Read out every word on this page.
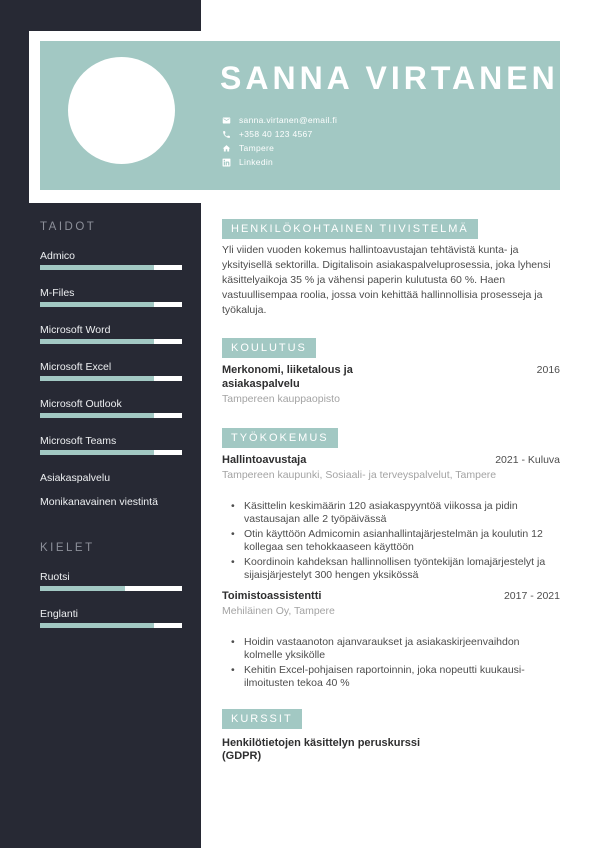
SANNA VIRTANEN
sanna.virtanen@email.fi
+358 40 123 4567
Tampere
Linkedin
TAIDOT
Admico
M-Files
Microsoft Word
Microsoft Excel
Microsoft Outlook
Microsoft Teams
Asiakaspalvelu
Monikanavainen viestintä
KIELET
Ruotsi
Englanti
HENKILÖKOHTAINEN TIIVISTELMÄ
Yli viiden vuoden kokemus hallintoavustajan tehtävistä kunta- ja yksityisellä sektorilla. Digitalisoin asiakaspalveluprosessia, joka lyhensi käsittelyaikoja 35 % ja vähensi paperin kulutusta 60 %. Haen vastuullisempaa roolia, jossa voin kehittää hallinnollisia prosesseja ja työkaluja.
KOULUTUS
Merkonomi, liiketalous ja asiakaspalvelu
2016
Tampereen kauppaopisto
TYÖKOKEMUS
Hallintoavustaja	2021 - Kuluva
Tampereen kaupunki, Sosiaali- ja terveyspalvelut, Tampere
• Käsittelin keskimäärin 120 asiakaspyyntöä viikossa ja pidin vastausajan alle 2 työpäivässä
• Otin käyttöön Admicomin asianhallintajärjestelmän ja koulutin 12 kollegaa sen tehokkaaseen käyttöön
• Koordinoin kahdeksan hallinnollisen työntekijän lomajärjestelyt ja sijaisjärjestelyt 300 hengen yksikössä
Toimistoassistentti	2017 - 2021
Mehiläinen Oy, Tampere
• Hoidin vastaanoton ajanvaraukset ja asiakaskirjeenvaihdon kolmelle yksikölle
• Kehitin Excel-pohjaisen raportoinnin, joka nopeutti kuukausi-ilmoitusten tekoa 40 %
KURSSIT
Henkilötietojen käsittelyn peruskurssi (GDPR)
